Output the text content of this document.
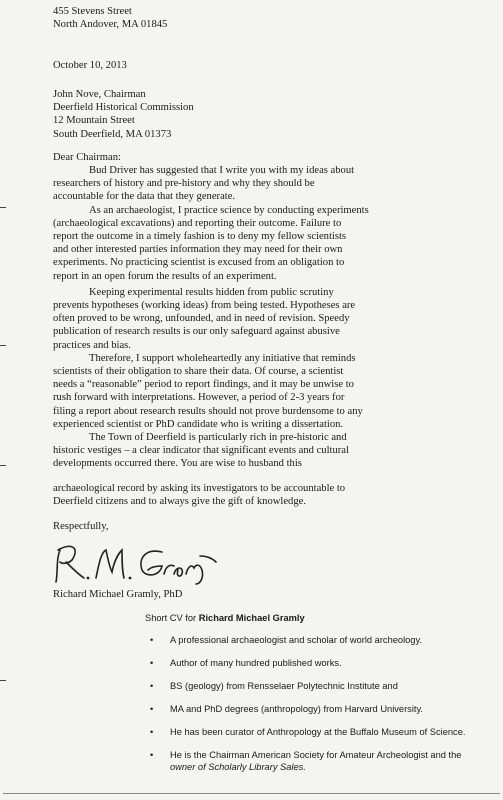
455 Stevens Street
North Andover, MA 01845
October 10, 2013
John Nove, Chairman
Deerfield Historical Commission
12 Mountain Street
South Deerfield, MA 01373
Dear Chairman:
Bud Driver has suggested that I write you with my ideas about
researchers of history and pre-history and why they should be
accountable for the data that they generate.
As an archaeologist, I practice science by conducting experiments
(archaeological excavations) and reporting their outcome. Failure to
report the outcome in a timely fashion is to deny my fellow scientists
and other interested parties information they may need for their own
experiments. No practicing scientist is excused from an obligation to
report in an open forum the results of an experiment.
Keeping experimental results hidden from public scrutiny
prevents hypotheses (working ideas) from being tested. Hypotheses are
often proved to be wrong, unfounded, and in need of revision. Speedy
publication of research results is our only safeguard against abusive
practices and bias.
Therefore, I support wholeheartedly any initiative that reminds
scientists of their obligation to share their data. Of course, a scientist
needs a “reasonable” period to report findings, and it may be unwise to
rush forward with interpretations. However, a period of 2-3 years for
filing a report about research results should not prove burdensome to any
experienced scientist or PhD candidate who is writing a dissertation.
The Town of Deerfield is particularly rich in pre-historic and
historic vestiges – a clear indicator that significant events and cultural
developments occurred there. You are wise to husband this
archaeological record by asking its investigators to be accountable to
Deerfield citizens and to always give the gift of knowledge.
Respectfully,
Richard Michael Gramly, PhD
Short CV for Richard Michael Gramly
• A professional archaeologist and scholar of world archeology.
• Author of many hundred published works.
• BS (geology) from Rensselaer Polytechnic Institute and
• MA and PhD degrees (anthropology) from Harvard University.
• He has been curator of Anthropology at the Buffalo Museum of Science.
• He is the Chairman American Society for Amateur Archeologist and the
owner of Scholarly Library Sales.
